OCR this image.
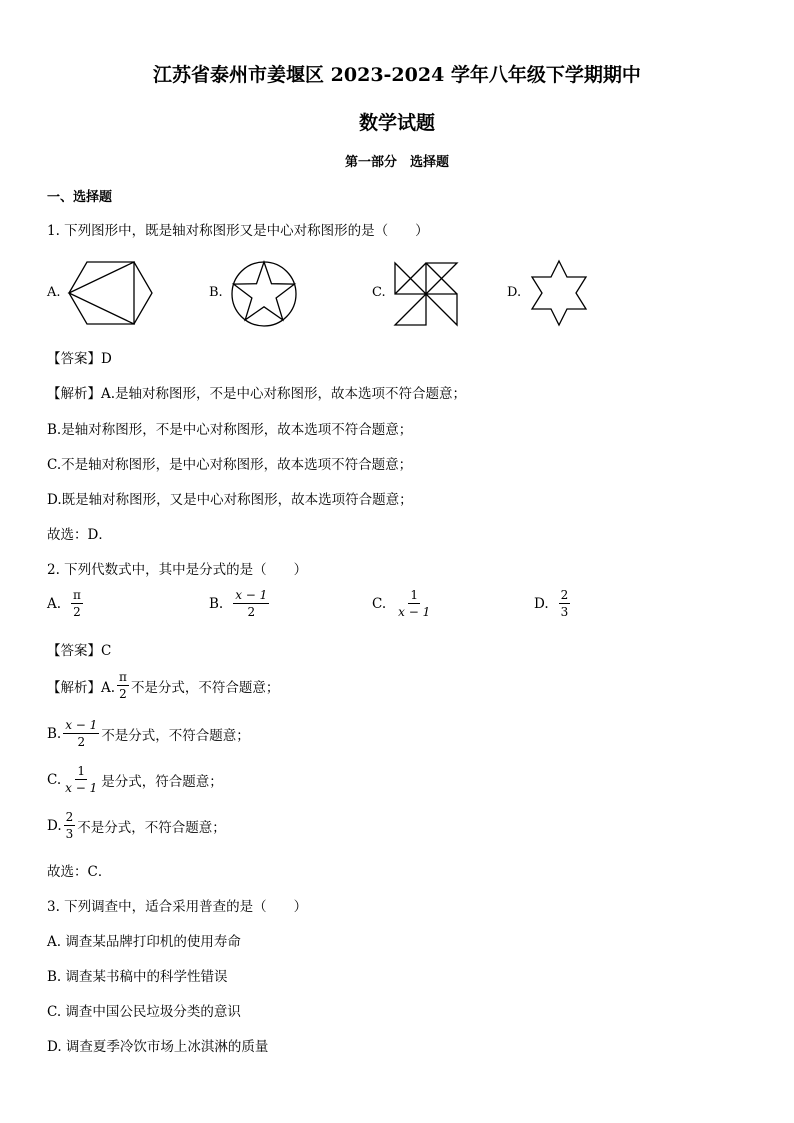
江苏省泰州市姜堰区 2023-2024 学年八年级下学期期中
数学试题
第一部分　选择题
一、选择题
1. 下列图形中，既是轴对称图形又是中心对称图形的是（　　）
A.	B.	C.	D.
【答案】D
【解析】A.是轴对称图形，不是中心对称图形，故本选项不符合题意；
B.是轴对称图形，不是中心对称图形，故本选项不符合题意；
C.不是轴对称图形，是中心对称图形，故本选项不符合题意；
D.既是轴对称图形，又是中心对称图形，故本选项符合题意；
故选：D．
2. 下列代数式中，其中是分式的是（　　）
A. $\frac{\pi}{2}$	B. $\frac{x - 1}{2}$	C. $\frac{1}{x - 1}$	D. $\frac{2}{3}$
【答案】C
【解析】A. $\frac{\pi}{2}$ 不是分式，不符合题意；
B. $\frac{x - 1}{2}$ 不是分式，不符合题意；
C. $\frac{1}{x - 1}$ 是分式，符合题意；
D. $\frac{2}{3}$ 不是分式，不符合题意；
故选：C．
3. 下列调查中，适合采用普查的是（　　）
A. 调查某品牌打印机的使用寿命
B. 调查某书稿中的科学性错误
C. 调查中国公民垃圾分类的意识
D. 调查夏季冷饮市场上冰淇淋的质量
